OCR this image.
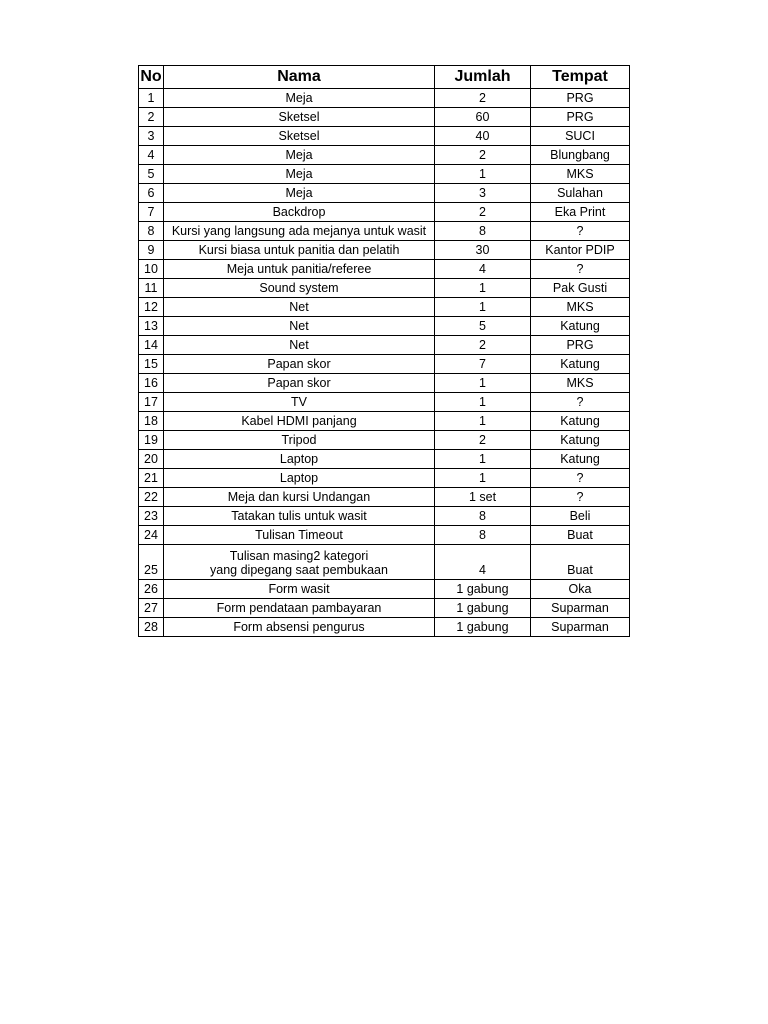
No	Nama	Jumlah	Tempat
1	Meja	2	PRG
2	Sketsel	60	PRG
3	Sketsel	40	SUCI
4	Meja	2	Blungbang
5	Meja	1	MKS
6	Meja	3	Sulahan
7	Backdrop	2	Eka Print
8	Kursi yang langsung ada mejanya untuk wasit	8	?
9	Kursi biasa untuk panitia dan pelatih	30	Kantor PDIP
10	Meja untuk panitia/referee	4	?
11	Sound system	1	Pak Gusti
12	Net	1	MKS
13	Net	5	Katung
14	Net	2	PRG
15	Papan skor	7	Katung
16	Papan skor	1	MKS
17	TV	1	?
18	Kabel HDMI panjang	1	Katung
19	Tripod	2	Katung
20	Laptop	1	Katung
21	Laptop	1	?
22	Meja dan kursi Undangan	1 set	?
23	Tatakan tulis untuk wasit	8	Beli
24	Tulisan Timeout	8	Buat
25	Tulisan masing2 kategori
yang dipegang saat pembukaan	4	Buat
26	Form wasit	1 gabung	Oka
27	Form pendataan pambayaran	1 gabung	Suparman
28	Form absensi pengurus	1 gabung	Suparman
